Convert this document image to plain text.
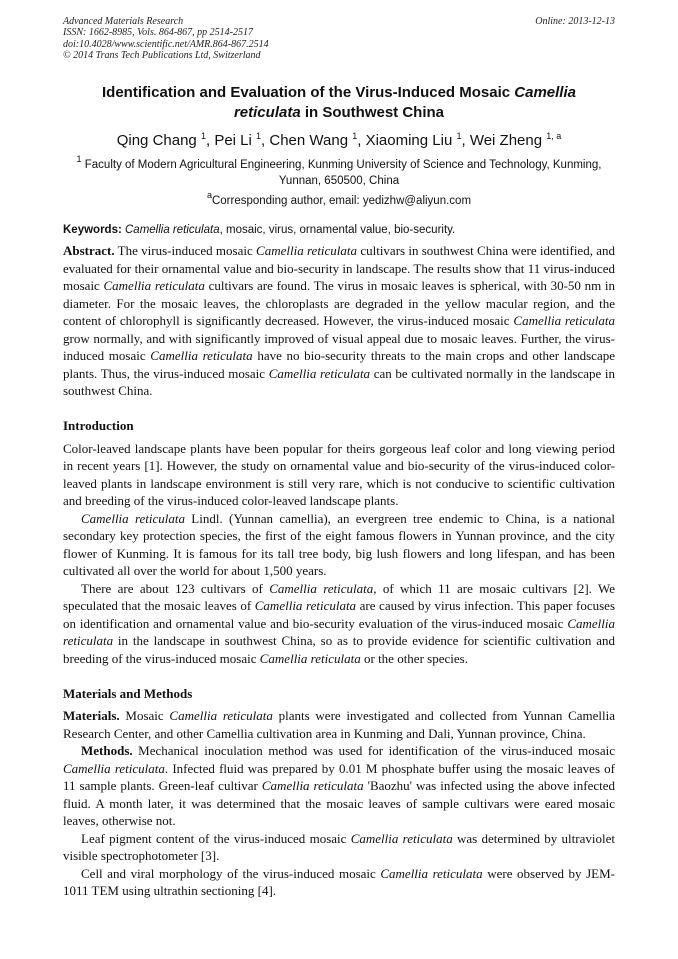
Advanced Materials Research
ISSN: 1662-8985, Vols. 864-867, pp 2514-2517
doi:10.4028/www.scientific.net/AMR.864-867.2514
© 2014 Trans Tech Publications Ltd, Switzerland
Online: 2013-12-13
Identification and Evaluation of the Virus-Induced Mosaic Camellia reticulata in Southwest China
Qing Chang $^1$, Pei Li $^1$, Chen Wang $^1$, Xiaoming Liu $^1$, Wei Zheng $^{1, a}$
$^1$ Faculty of Modern Agricultural Engineering, Kunming University of Science and Technology, Kunming, Yunnan, 650500, China
$^a$Corresponding author, email: yedizhw@aliyun.com
Keywords: Camellia reticulata, mosaic, virus, ornamental value, bio-security.

Abstract. The virus-induced mosaic Camellia reticulata cultivars in southwest China were identified, and evaluated for their ornamental value and bio-security in landscape. The results show that 11 virus-induced mosaic Camellia reticulata cultivars are found. The virus in mosaic leaves is spherical, with 30-50 nm in diameter. For the mosaic leaves, the chloroplasts are degraded in the yellow macular region, and the content of chlorophyll is significantly decreased. However, the virus-induced mosaic Camellia reticulata grow normally, and with significantly improved of visual appeal due to mosaic leaves. Further, the virus-induced mosaic Camellia reticulata have no bio-security threats to the main crops and other landscape plants. Thus, the virus-induced mosaic Camellia reticulata can be cultivated normally in the landscape in southwest China.

Introduction

Color-leaved landscape plants have been popular for theirs gorgeous leaf color and long viewing period in recent years [1]. However, the study on ornamental value and bio-security of the virus-induced color-leaved plants in landscape environment is still very rare, which is not conducive to scientific cultivation and breeding of the virus-induced color-leaved landscape plants.

Camellia reticulata Lindl. (Yunnan camellia), an evergreen tree endemic to China, is a national secondary key protection species, the first of the eight famous flowers in Yunnan province, and the city flower of Kunming. It is famous for its tall tree body, big lush flowers and long lifespan, and has been cultivated all over the world for about 1,500 years.

There are about 123 cultivars of Camellia reticulata, of which 11 are mosaic cultivars [2]. We speculated that the mosaic leaves of Camellia reticulata are caused by virus infection. This paper focuses on identification and ornamental value and bio-security evaluation of the virus-induced mosaic Camellia reticulata in the landscape in southwest China, so as to provide evidence for scientific cultivation and breeding of the virus-induced mosaic Camellia reticulata or the other species.

Materials and Methods

Materials. Mosaic Camellia reticulata plants were investigated and collected from Yunnan Camellia Research Center, and other Camellia cultivation area in Kunming and Dali, Yunnan province, China.

Methods. Mechanical inoculation method was used for identification of the virus-induced mosaic Camellia reticulata. Infected fluid was prepared by 0.01 M phosphate buffer using the mosaic leaves of 11 sample plants. Green-leaf cultivar Camellia reticulata 'Baozhu' was infected using the above infected fluid. A month later, it was determined that the mosaic leaves of sample cultivars were eared mosaic leaves, otherwise not.

Leaf pigment content of the virus-induced mosaic Camellia reticulata was determined by ultraviolet visible spectrophotometer [3].

Cell and viral morphology of the virus-induced mosaic Camellia reticulata were observed by JEM-1011 TEM using ultrathin sectioning [4].
